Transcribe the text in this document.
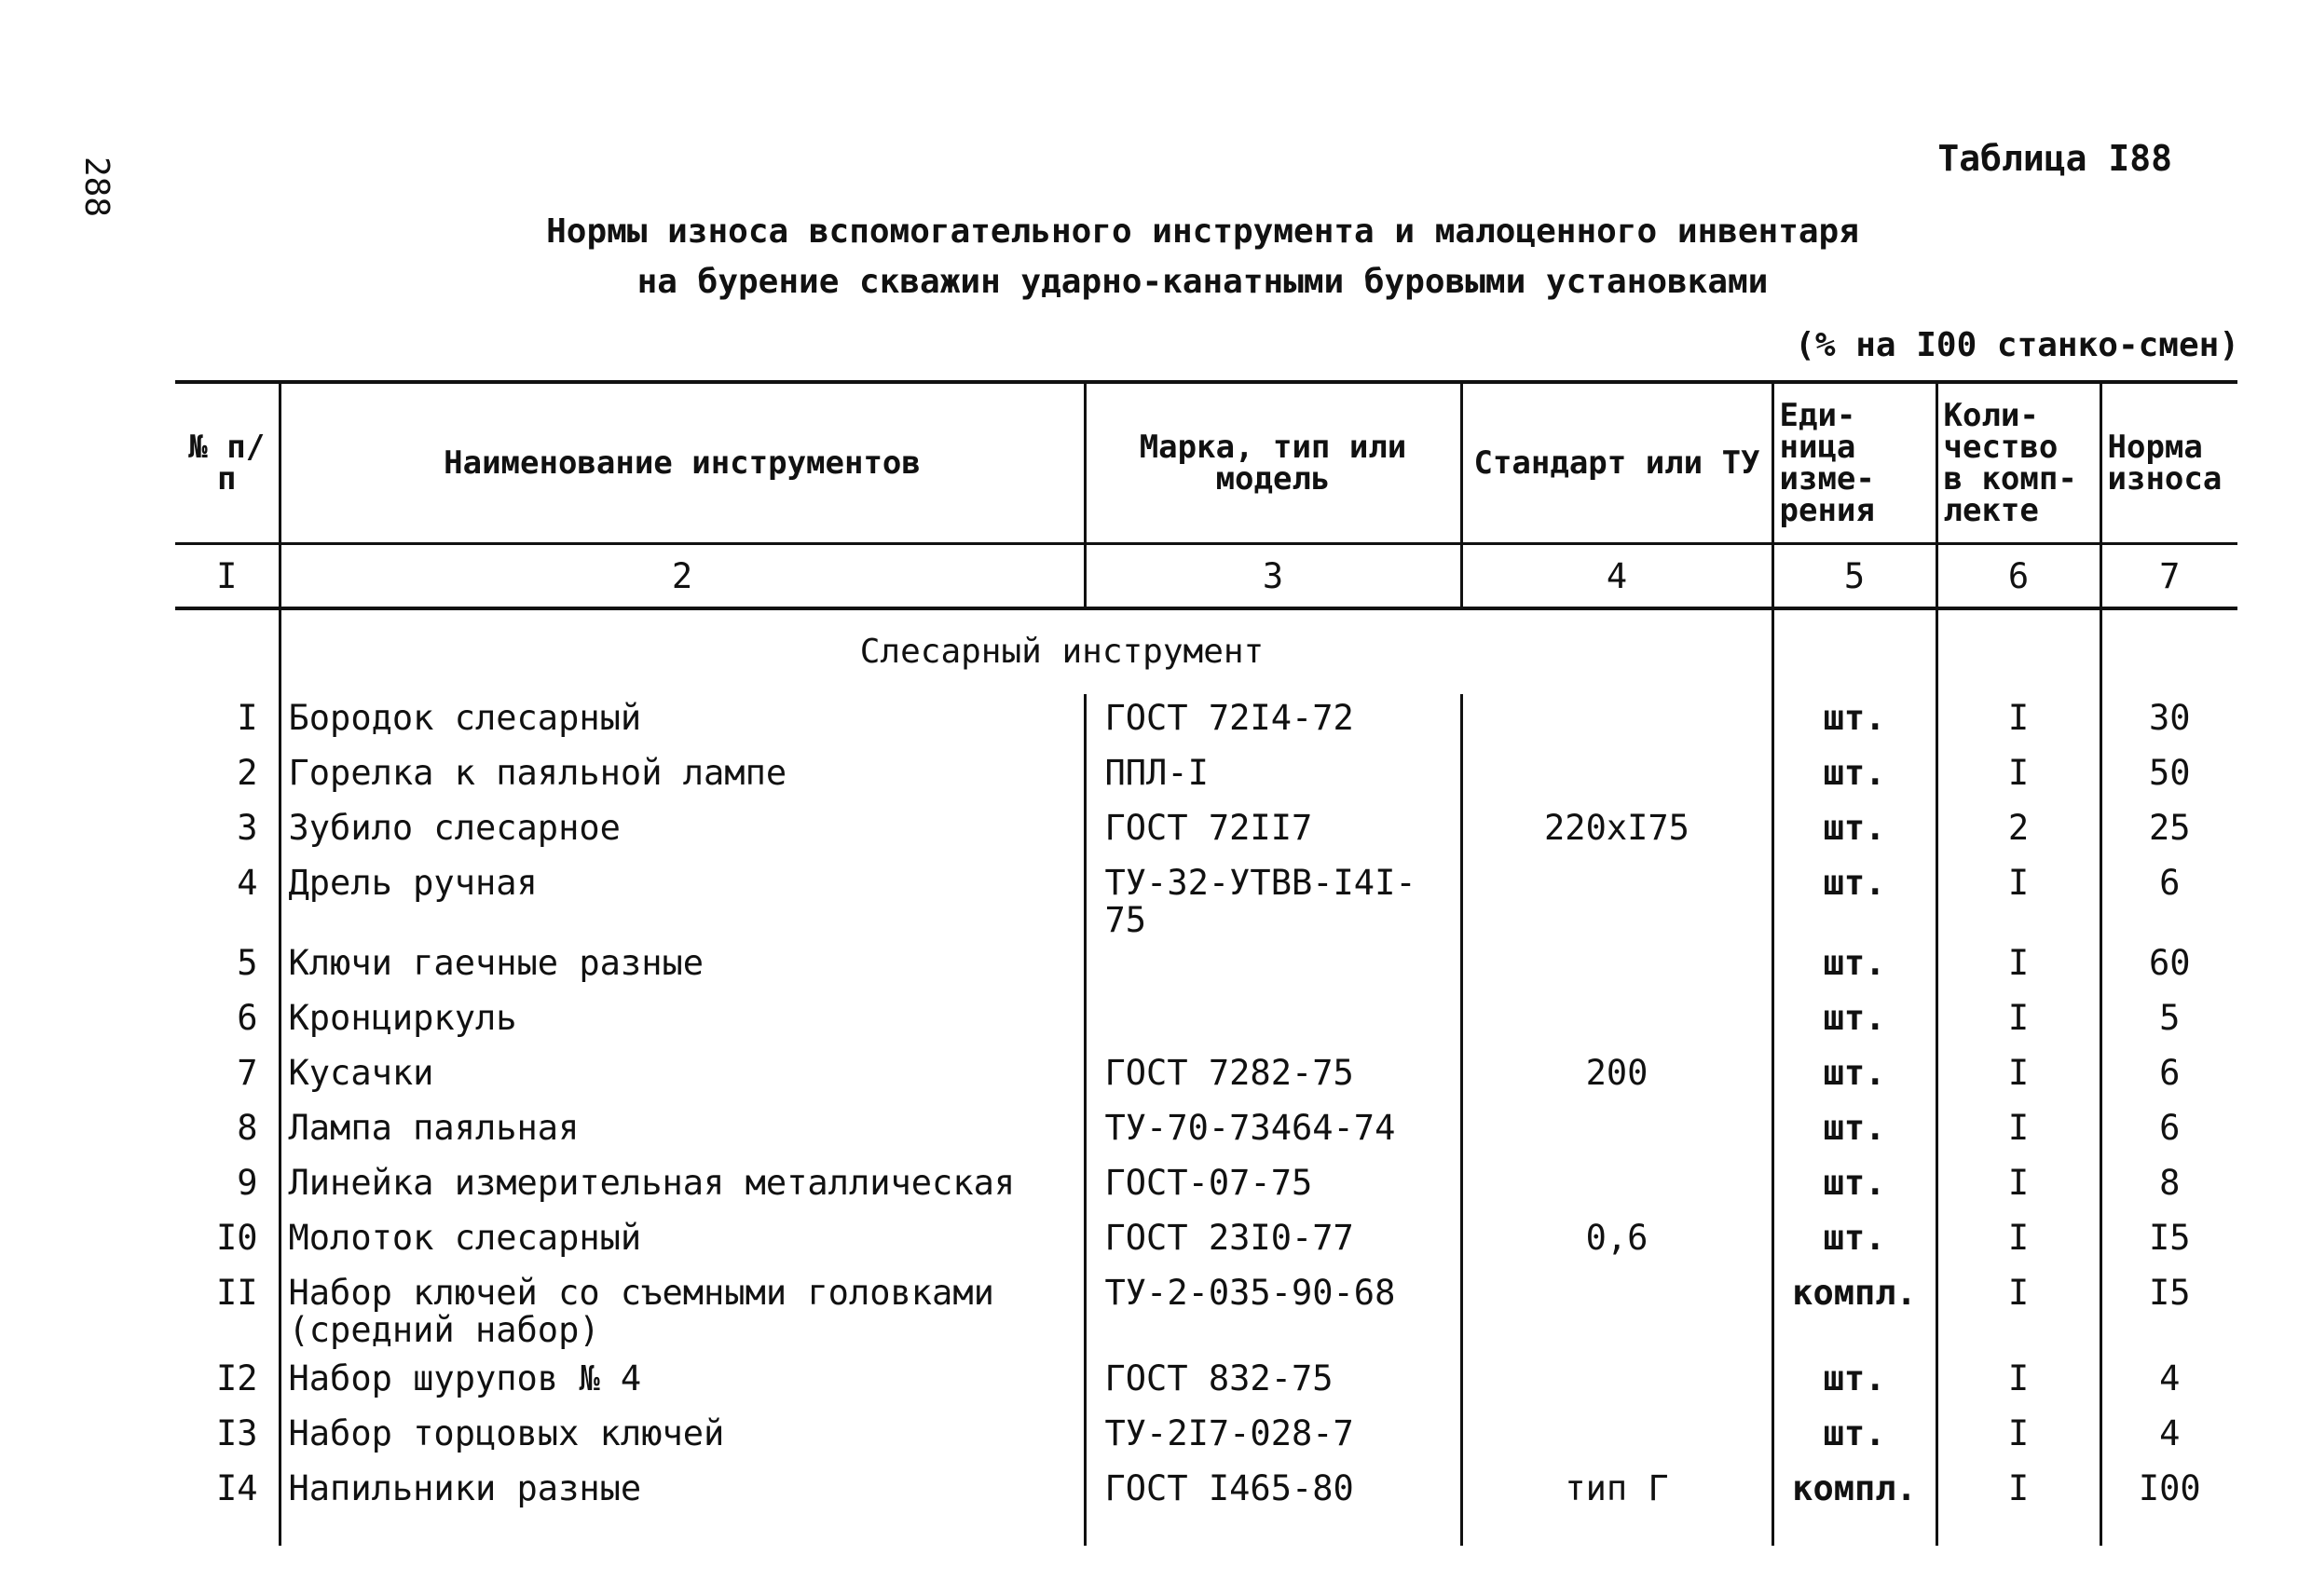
288	Таблица I88
Нормы износа вспомогательного инструмента и малоценного инвентаря
на бурение скважин ударно-канатными буровыми установками
(% на I00 станко-смен)
№ п/п	Наименование инструментов	Марка, тип или модель	Стандарт или ТУ	Еди- ница изме- рения	Коли- чество в комп- лекте	Норма износа
I	2	3	4	5	6	7

	Слесарный инструмент					

I	Бородок слесарный	ГОСТ 72I4-72		шт.	I	30
2	Горелка к паяльной лампе	ППЛ-I		шт.	I	50
3	Зубило слесарное	ГОСТ 72II7	220хI75	шт.	2	25
4	Дрель ручная	ТУ-32-УТВВ-I4I-75		шт.	I	6
5	Ключи гаечные разные			шт.	I	60
6	Кронциркуль			шт.	I	5
7	Кусачки	ГОСТ 7282-75	200	шт.	I	6
8	Лампа паяльная	ТУ-70-73464-74		шт.	I	6
9	Линейка измерительная металлическая	ГОСТ-07-75		шт.	I	8
I0	Молоток слесарный	ГОСТ 23I0-77	0,6	шт.	I	I5
II	Набор ключей со съемными головками (средний набор)	ТУ-2-035-90-68		компл.	I	I5
I2	Набор шурупов № 4	ГОСТ 832-75		шт.	I	4
I3	Набор торцовых ключей	ТУ-2I7-028-7		шт.	I	4
I4	Напильники разные	ГОСТ I465-80	тип Г	компл.	I	I00
